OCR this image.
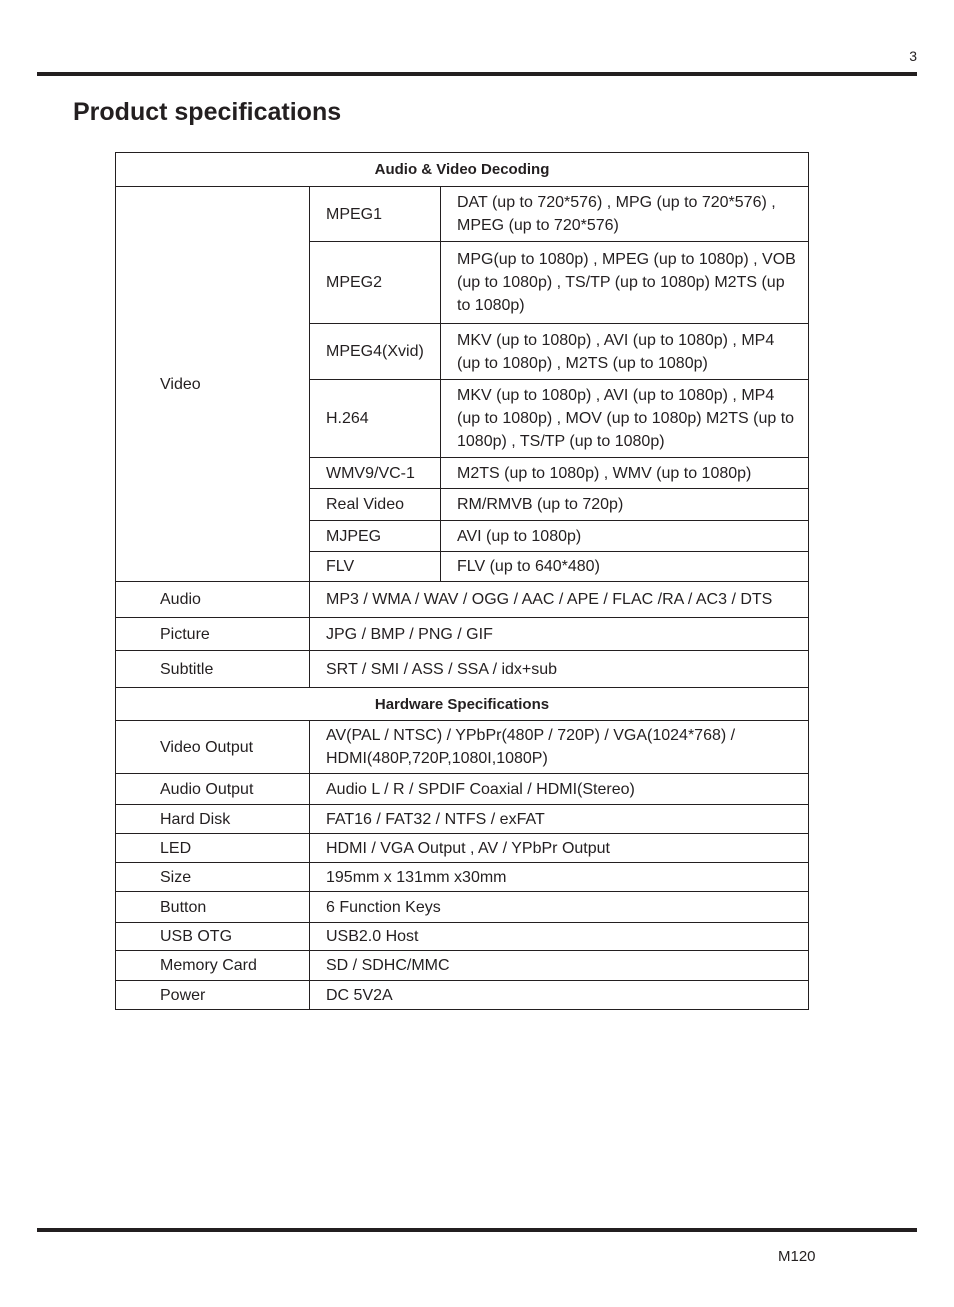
3
Product specifications
Audio & Video Decoding		
Video	MPEG1	DAT (up to 720*576) , MPG (up to 720*576) , MPEG (up to 720*576)
	MPEG2	MPG(up to 1080p) , MPEG (up to 1080p) , VOB (up to 1080p) , TS/TP (up to 1080p) M2TS (up to 1080p)
	MPEG4(Xvid)	MKV (up to 1080p) , AVI (up to 1080p) , MP4 (up to 1080p) , M2TS (up to 1080p)
	H.264	MKV (up to 1080p) , AVI (up to 1080p) , MP4 (up to 1080p) , MOV (up to 1080p) M2TS (up to 1080p) , TS/TP (up to 1080p)
	WMV9/VC-1	M2TS (up to 1080p) , WMV (up to 1080p)
	Real Video	RM/RMVB (up to 720p)
	MJPEG	AVI (up to 1080p)
	FLV	FLV (up to 640*480)
Audio	MP3 / WMA / WAV / OGG / AAC / APE / FLAC /RA / AC3 / DTS	
Picture	JPG / BMP / PNG / GIF	
Subtitle	SRT / SMI / ASS / SSA / idx+sub	
Hardware Specifications		
Video Output	AV(PAL / NTSC) / YPbPr(480P / 720P) / VGA(1024*768) / HDMI(480P,720P,1080I,1080P)	
Audio Output	Audio L / R / SPDIF Coaxial / HDMI(Stereo)	
Hard Disk	FAT16 / FAT32 / NTFS / exFAT	
LED	HDMI / VGA Output , AV / YPbPr Output	
Size	195mm x 131mm x30mm	
Button	6 Function Keys	
USB OTG	USB2.0 Host	
Memory Card	SD / SDHC/MMC	
Power	DC 5V2A	
M120
